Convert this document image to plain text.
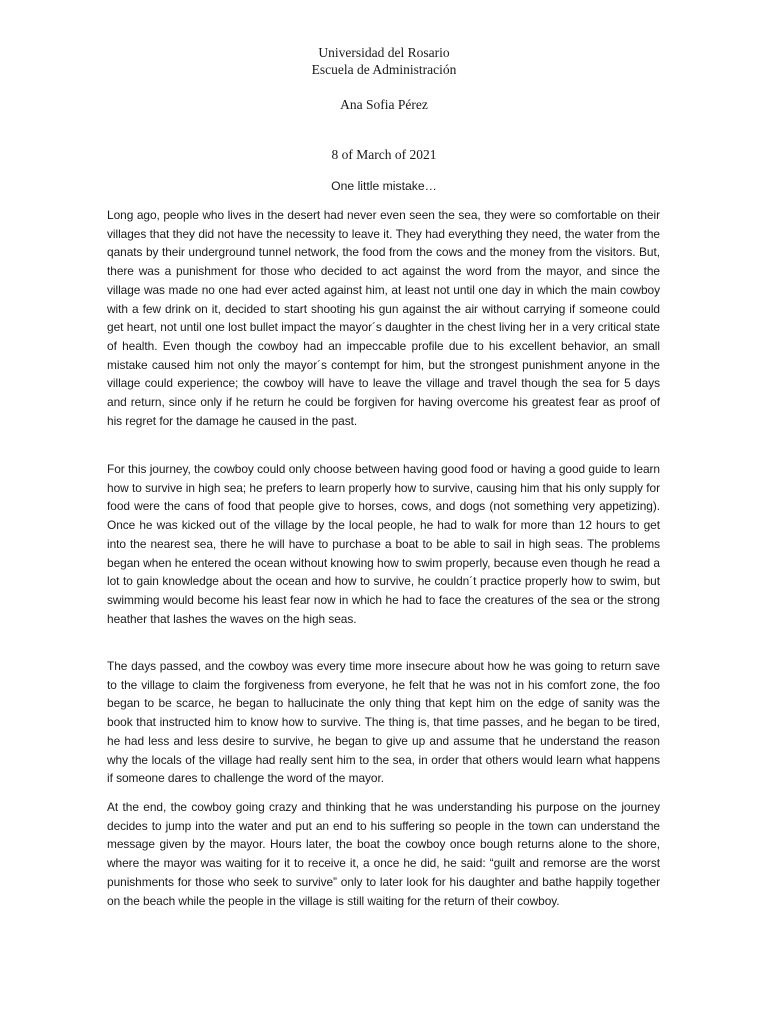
Universidad del Rosario
Escuela de Administración
Ana Sofia Pérez
8 of March of 2021
One little mistake…

Long ago, people who lives in the desert had never even seen the sea, they were so comfortable on their villages that they did not have the necessity to leave it. They had everything they need, the water from the qanats by their underground tunnel network, the food from the cows and the money from the visitors. But, there was a punishment for those who decided to act against the word from the mayor, and since the village was made no one had ever acted against him, at least not until one day in which the main cowboy with a few drink on it, decided to start shooting his gun against the air without carrying if someone could get heart, not until one lost bullet impact the mayor´s daughter in the chest living her in a very critical state of health. Even though the cowboy had an impeccable profile due to his excellent behavior, an small mistake caused him not only the mayor´s contempt for him, but the strongest punishment anyone in the village could experience; the cowboy will have to leave the village and travel though the sea for 5 days and return, since only if he return he could be forgiven for having overcome his greatest fear as proof of his regret for the damage he caused in the past.

For this journey, the cowboy could only choose between having good food or having a good guide to learn how to survive in high sea; he prefers to learn properly how to survive, causing him that his only supply for food were the cans of food that people give to horses, cows, and dogs (not something very appetizing). Once he was kicked out of the village by the local people, he had to walk for more than 12 hours to get into the nearest sea, there he will have to purchase a boat to be able to sail in high seas. The problems began when he entered the ocean without knowing how to swim properly, because even though he read a lot to gain knowledge about the ocean and how to survive, he couldn´t practice properly how to swim, but swimming would become his least fear now in which he had to face the creatures of the sea or the strong heather that lashes the waves on the high seas.

The days passed, and the cowboy was every time more insecure about how he was going to return save to the village to claim the forgiveness from everyone, he felt that he was not in his comfort zone, the foo began to be scarce, he began to hallucinate the only thing that kept him on the edge of sanity was the book that instructed him to know how to survive. The thing is, that time passes, and he began to be tired, he had less and less desire to survive, he began to give up and assume that he understand the reason why the locals of the village had really sent him to the sea, in order that others would learn what happens if someone dares to challenge the word of the mayor.

At the end, the cowboy going crazy and thinking that he was understanding his purpose on the journey decides to jump into the water and put an end to his suffering so people in the town can understand the message given by the mayor. Hours later, the boat the cowboy once bough returns alone to the shore, where the mayor was waiting for it to receive it, a once he did, he said: “guilt and remorse are the worst punishments for those who seek to survive” only to later look for his daughter and bathe happily together on the beach while the people in the village is still waiting for the return of their cowboy.
